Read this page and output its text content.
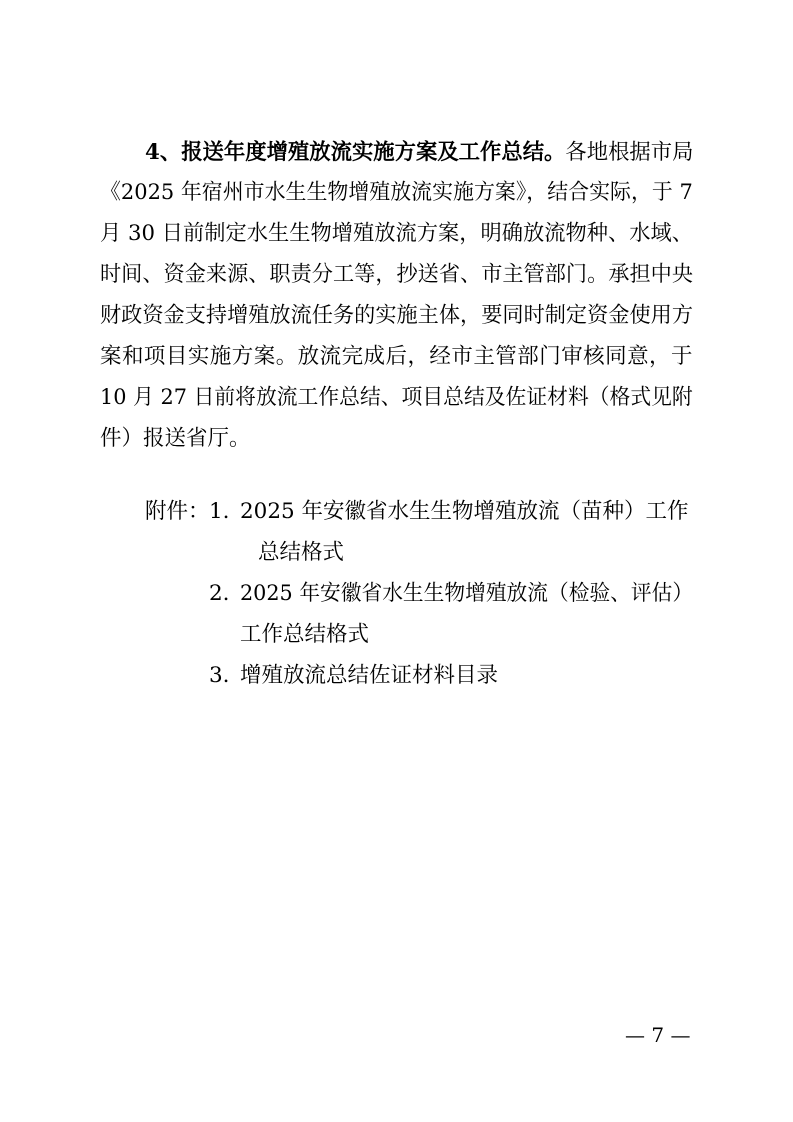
4、报送年度增殖放流实施方案及工作总结。各地根据市局
《2025 年宿州市水生生物增殖放流实施方案》，结合实际，于 7
月 30 日前制定水生生物增殖放流方案，明确放流物种、水域、
时间、资金来源、职责分工等，抄送省、市主管部门。承担中央
财政资金支持增殖放流任务的实施主体，要同时制定资金使用方
案和项目实施方案。放流完成后，经市主管部门审核同意，于
10 月 27 日前将放流工作总结、项目总结及佐证材料（格式见附
件）报送省厅。
附件： 1. 2025 年安徽省水生生物增殖放流（苗种）工作
总结格式
2. 2025 年安徽省水生生物增殖放流（检验、评估）
工作总结格式
3. 增殖放流总结佐证材料目录
— 7 —
